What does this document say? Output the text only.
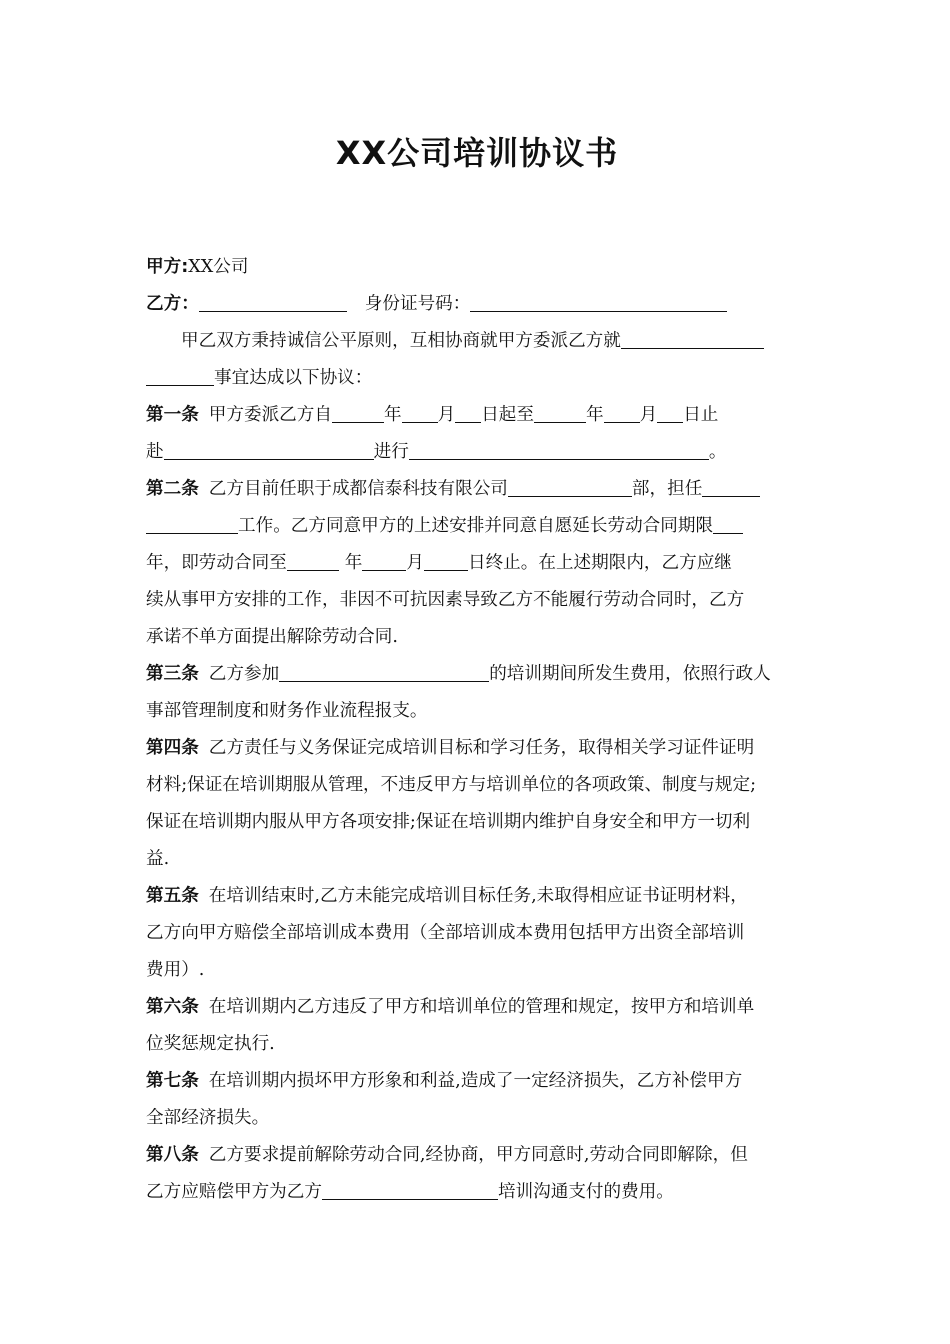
XX公司培训协议书
甲方:XX公司
乙方：	身份证号码：
甲乙双方秉持诚信公平原则，互相协商就甲方委派乙方就
事宜达成以下协议：
第一条 甲方委派乙方自	年 月 日起至	年 月 日止
赴	进行	。
第二条 乙方目前任职于成都信泰科技有限公司	部，担任
工作。乙方同意甲方的上述安排并同意自愿延长劳动合同期限
年，即劳动合同至	年	月	日终止。在上述期限内，乙方应继
续从事甲方安排的工作，非因不可抗因素导致乙方不能履行劳动合同时，乙方
承诺不单方面提出解除劳动合同.
第三条 乙方参加	的培训期间所发生费用，依照行政人
事部管理制度和财务作业流程报支。
第四条 乙方责任与义务保证完成培训目标和学习任务，取得相关学习证件证明
材料;保证在培训期服从管理，不违反甲方与培训单位的各项政策、制度与规定;
保证在培训期内服从甲方各项安排;保证在培训期内维护自身安全和甲方一切利
益.
第五条 在培训结束时,乙方未能完成培训目标任务,未取得相应证书证明材料，
乙方向甲方赔偿全部培训成本费用（全部培训成本费用包括甲方出资全部培训
费用）.
第六条 在培训期内乙方违反了甲方和培训单位的管理和规定，按甲方和培训单
位奖惩规定执行.
第七条 在培训期内损坏甲方形象和利益,造成了一定经济损失，乙方补偿甲方
全部经济损失。
第八条 乙方要求提前解除劳动合同,经协商，甲方同意时,劳动合同即解除，但
乙方应赔偿甲方为乙方	培训沟通支付的费用。
